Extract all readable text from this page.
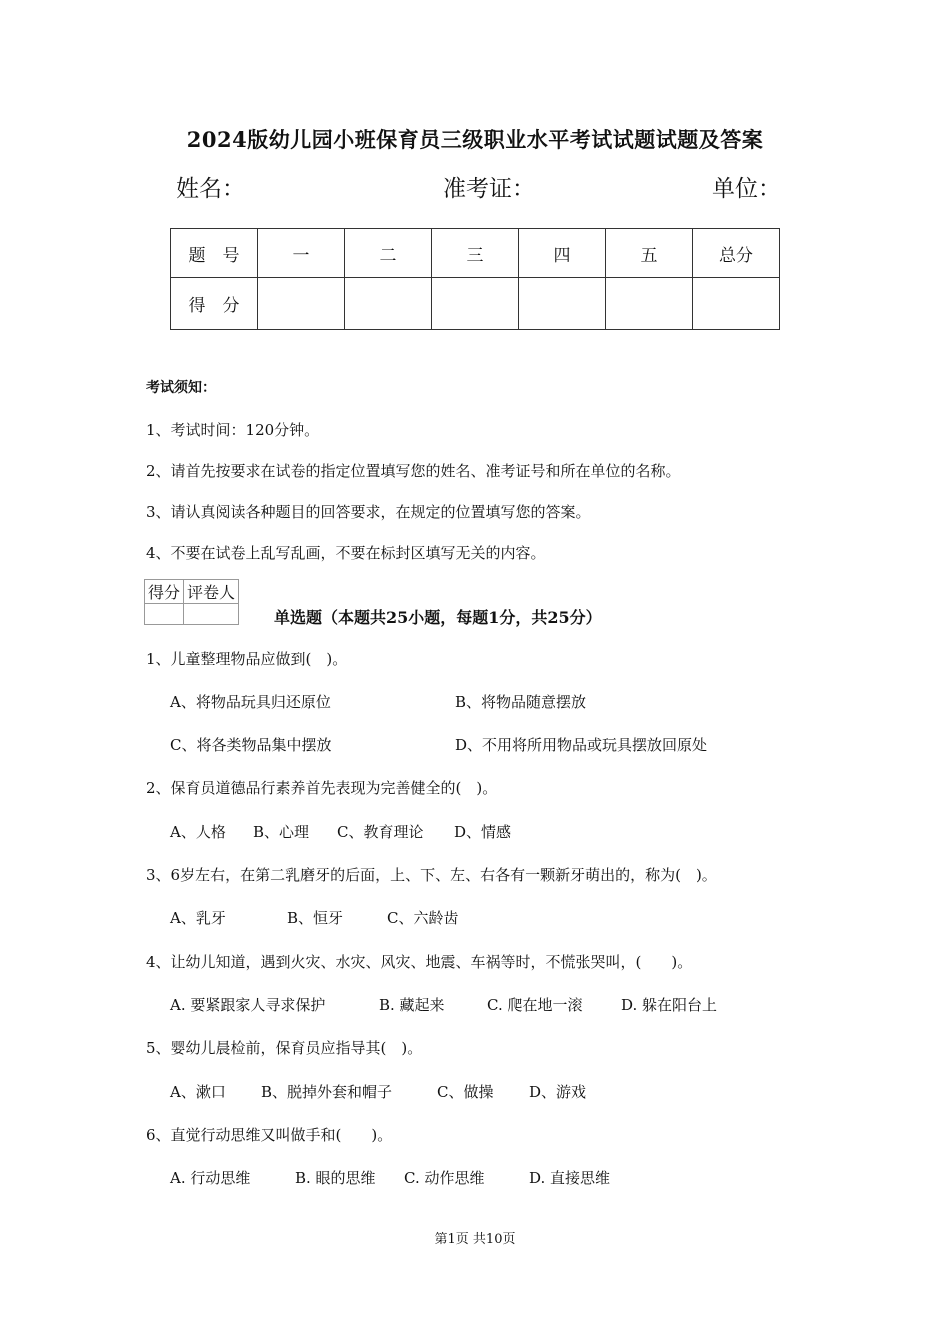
2024版幼儿园小班保育员三级职业水平考试试题试题及答案
姓名：	准考证：	单位：
题　号	一	二	三	四	五	总分
得　分						
考试须知：
1、考试时间：120分钟。
2、请首先按要求在试卷的指定位置填写您的姓名、准考证号和所在单位的名称。
3、请认真阅读各种题目的回答要求，在规定的位置填写您的答案。
4、不要在试卷上乱写乱画，不要在标封区填写无关的内容。
得分	评卷人

单选题（本题共25小题，每题1分，共25分）
1、儿童整理物品应做到(　)。
A、将物品玩具归还原位	B、将物品随意摆放
C、将各类物品集中摆放	D、不用将所用物品或玩具摆放回原处
2、保育员道德品行素养首先表现为完善健全的(　)。
A、人格 B、心理 C、教育理论 D、情感
3、6岁左右，在第二乳磨牙的后面，上、下、左、右各有一颗新牙萌出的，称为(　)。
A、乳牙	B、恒牙	C、六龄齿
4、让幼儿知道，遇到火灾、水灾、风灾、地震、车祸等时，不慌张哭叫，(　　)。
A. 要紧跟家人寻求保护	B. 藏起来	C. 爬在地一滚	D. 躲在阳台上
5、婴幼儿晨检前，保育员应指导其(　)。
A、漱口 B、脱掉外套和帽子	C、做操 D、游戏
6、直觉行动思维又叫做手和(　　)。
A. 行动思维	B. 眼的思维 C. 动作思维	D. 直接思维
第1页 共10页
